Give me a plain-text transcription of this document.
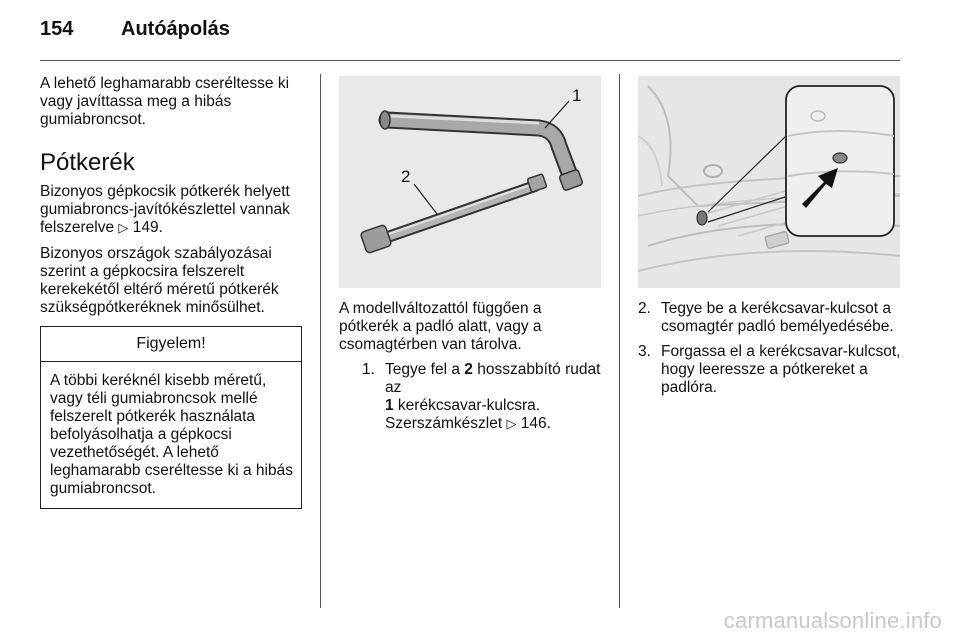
154 Autóápolás

A lehető leghamarabb cseréltesse ki vagy javíttassa meg a hibás gumiabroncsot.

Pótkerék

Bizonyos gépkocsik pótkerék helyett gumiabroncs-javítókészlettel vannak felszerelve ▷ 149.

Bizonyos országok szabályozásai szerint a gépkocsira felszerelt kerekekétől eltérő méretű pótkerék szükségpótkeréknek minősülhet.

Figyelem!
A többi keréknél kisebb méretű, vagy téli gumiabroncsok mellé felszerelt pótkerék használata befolyásolhatja a gépkocsi vezethetőségét. A lehető leghamarabb cseréltesse ki a hibás gumiabroncsot.
1
2

A modellváltozattól függően a pótkerék a padló alatt, vagy a csomagtérben van tárolva.

1. Tegye fel a 2 hosszabbító rudat az
1 kerékcsavar-kulcsra.
Szerszámkészlet ▷ 146.
2. Tegye be a kerékcsavar-kulcsot a csomagtér padló bemélyedésébe.
3. Forgassa el a kerékcsavar-kulcsot, hogy leeressze a pótkereket a padlóra.
carmanualsonline.info
